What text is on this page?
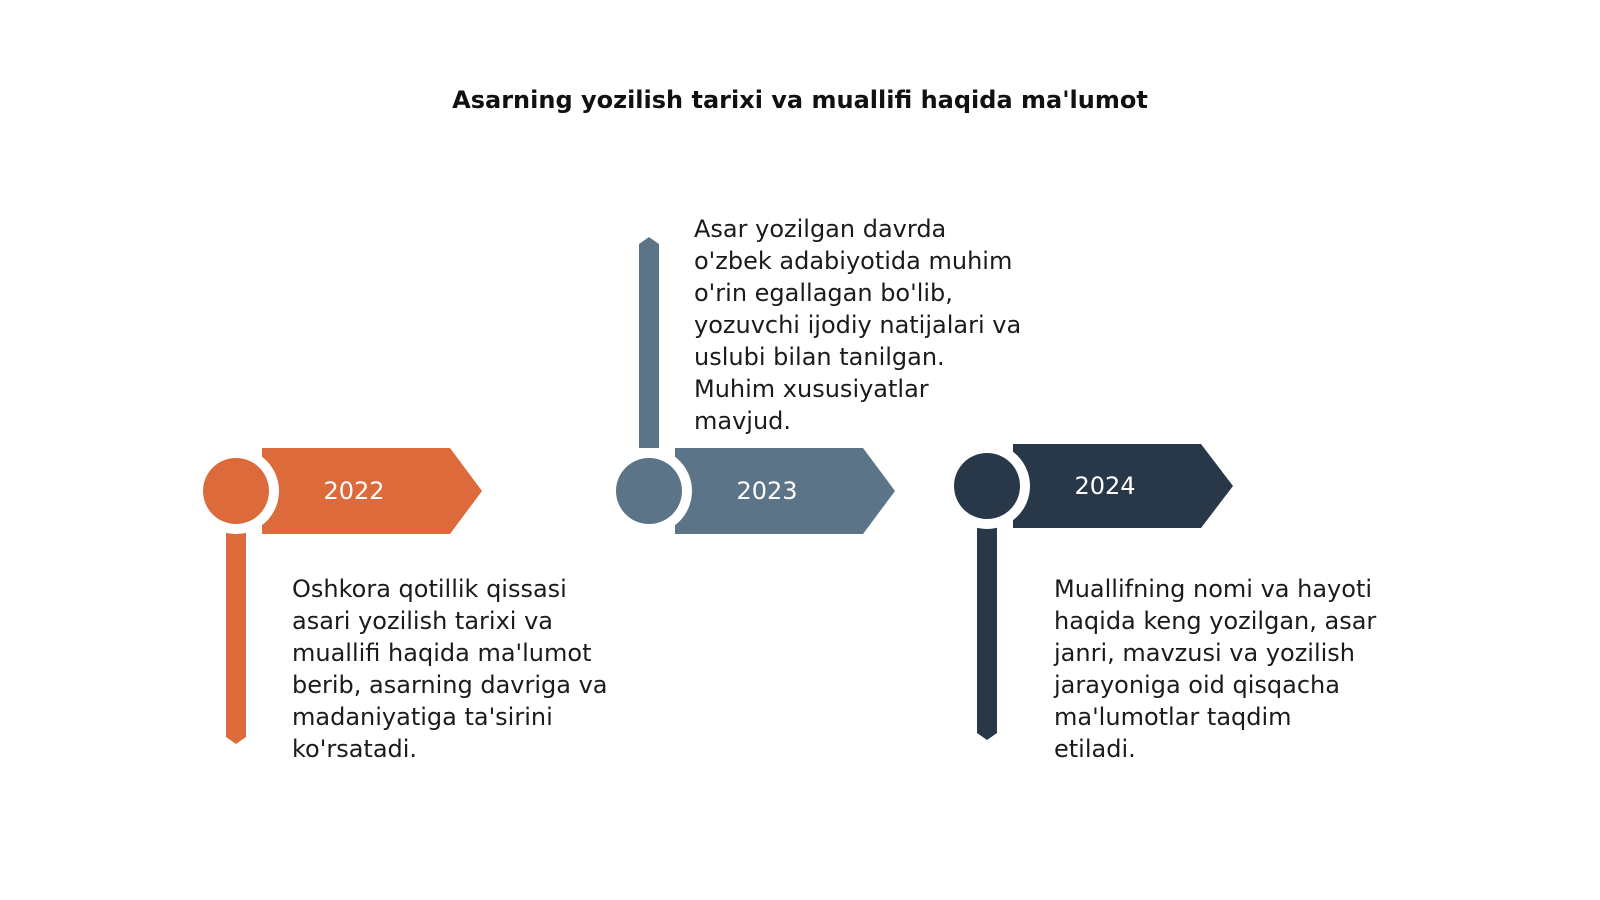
Asarning yozilish tarixi va muallifi haqida ma'lumot
2022	2023	2024
Oshkora qotillik qissasi
asari yozilish tarixi va
muallifi haqida ma'lumot
berib, asarning davriga va
madaniyatiga ta'sirini
ko'rsatadi.
Asar yozilgan davrda
o'zbek adabiyotida muhim
o'rin egallagan bo'lib,
yozuvchi ijodiy natijalari va
uslubi bilan tanilgan.
Muhim xususiyatlar
mavjud.
Muallifning nomi va hayoti
haqida keng yozilgan, asar
janri, mavzusi va yozilish
jarayoniga oid qisqacha
ma'lumotlar taqdim
etiladi.
